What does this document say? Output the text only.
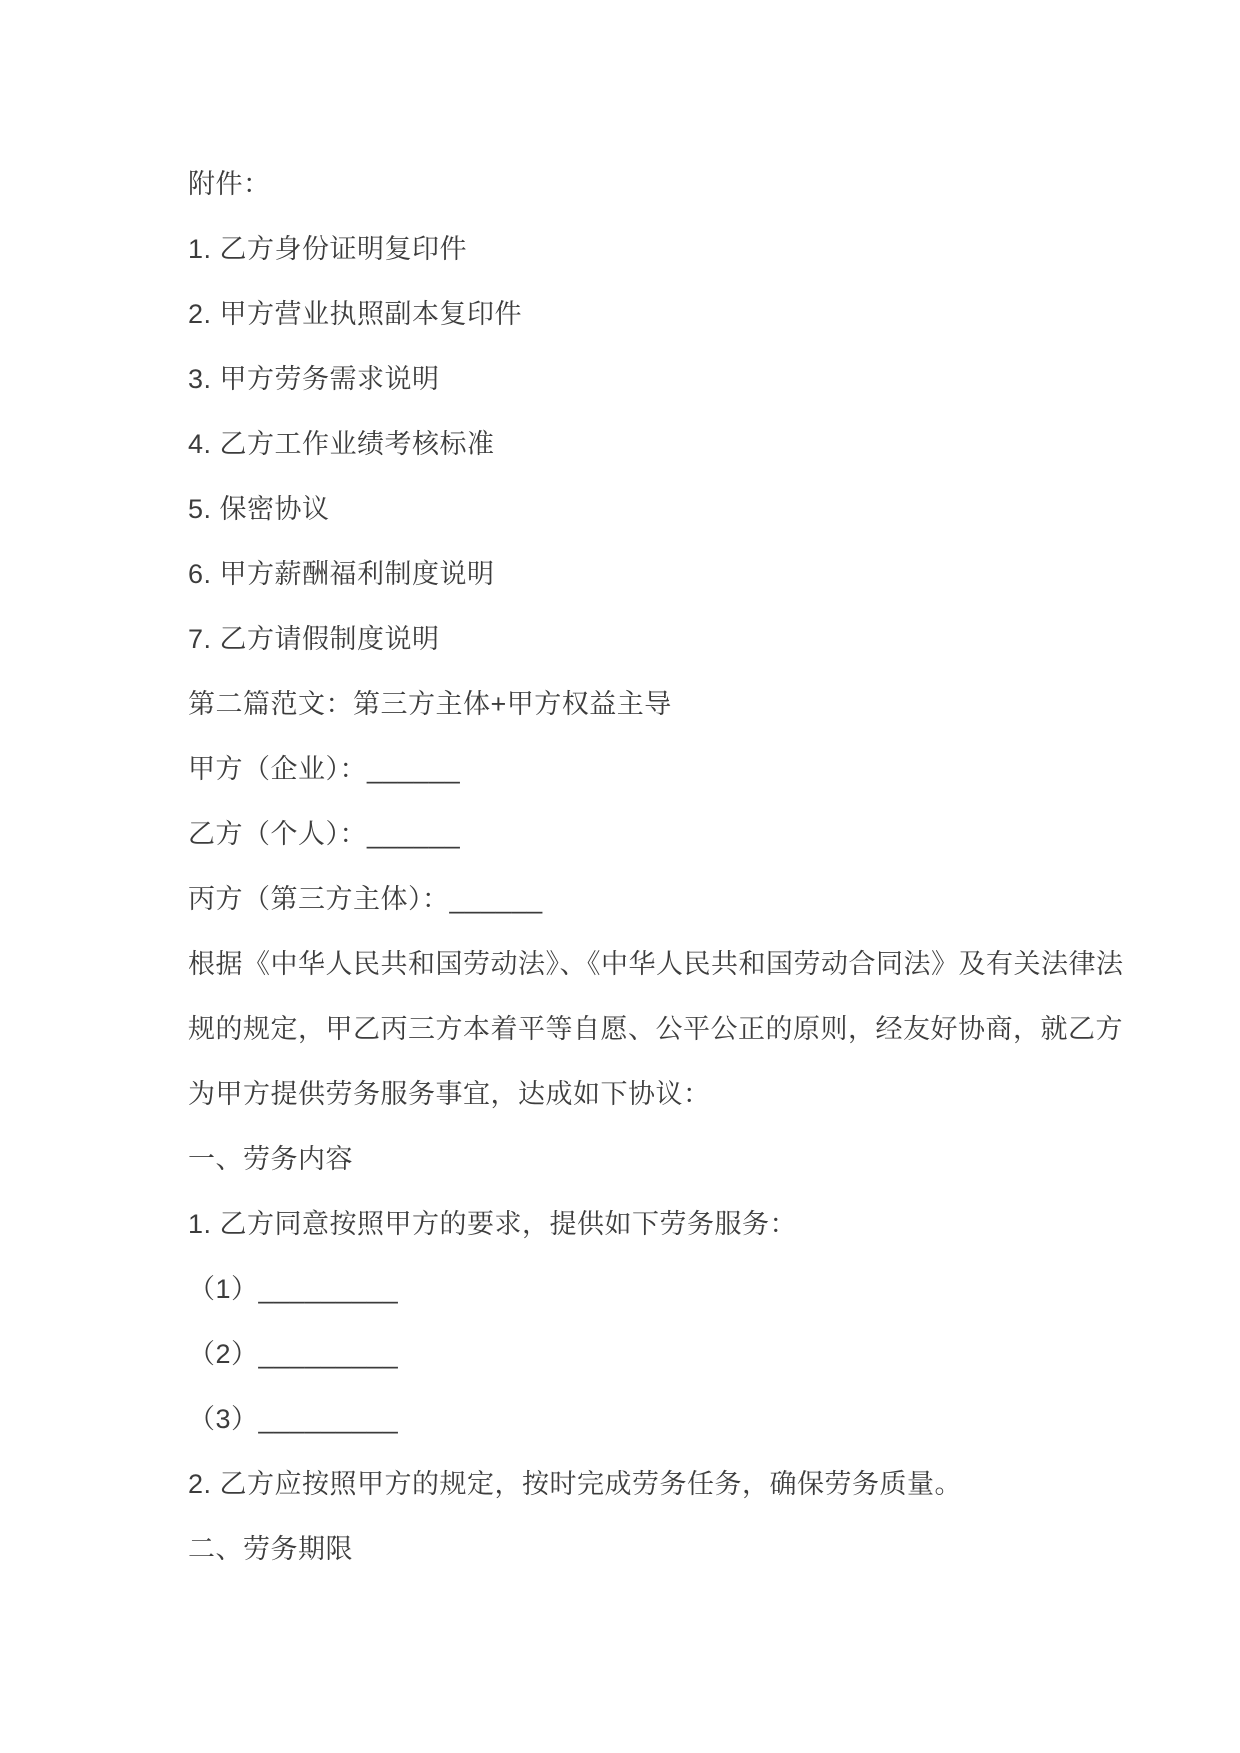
附件：

1. 乙方身份证明复印件

2. 甲方营业执照副本复印件

3. 甲方劳务需求说明

4. 乙方工作业绩考核标准

5. 保密协议

6. 甲方薪酬福利制度说明

7. 乙方请假制度说明

第二篇范文：第三方主体+甲方权益主导

甲方（企业）：______

乙方（个人）：______

丙方（第三方主体）：______

根据《中华人民共和国劳动法》、《中华人民共和国劳动合同法》及有关法律法

规的规定，甲乙丙三方本着平等自愿、公平公正的原则，经友好协商，就乙方

为甲方提供劳务服务事宜，达成如下协议：

一、劳务内容

1. 乙方同意按照甲方的要求，提供如下劳务服务：

（1）_________

（2）_________

（3）_________

2. 乙方应按照甲方的规定，按时完成劳务任务，确保劳务质量。

二、劳务期限
